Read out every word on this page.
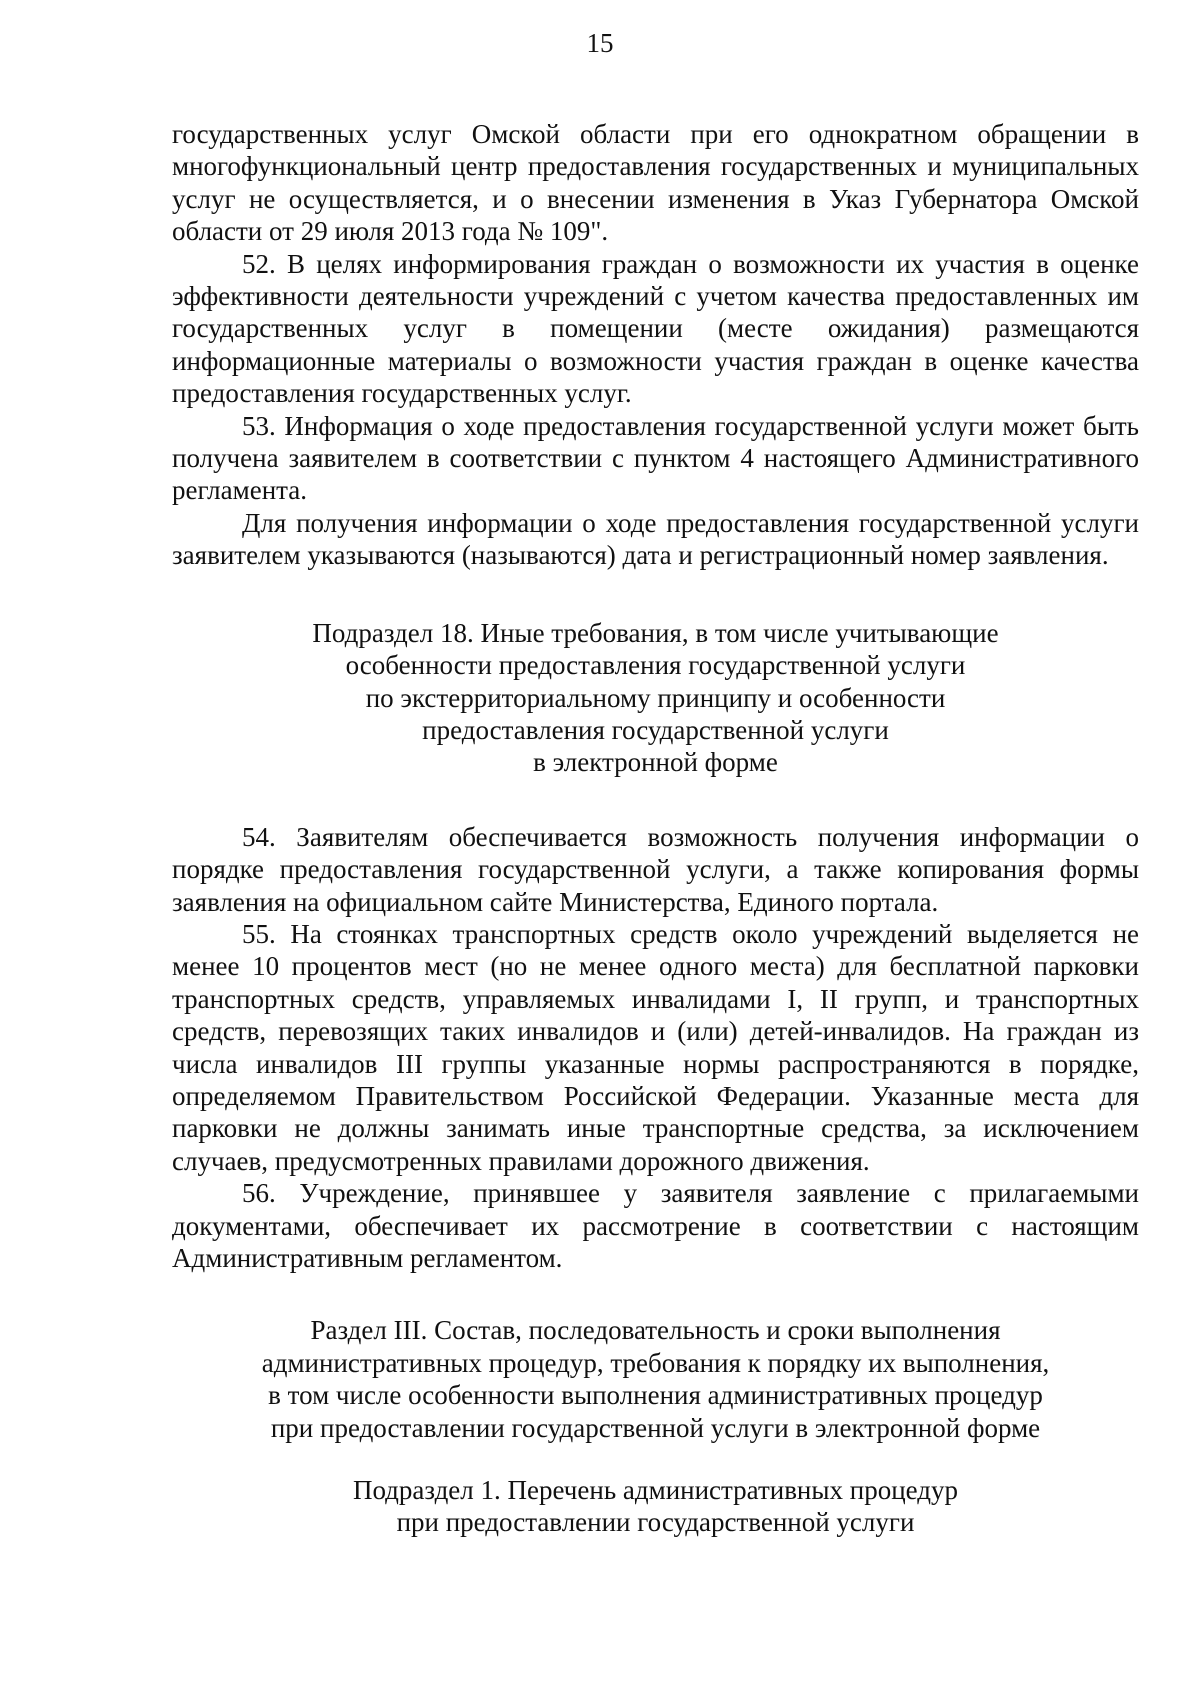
15

государственных услуг Омской области при его однократном обращении в многофункциональный центр предоставления государственных и муниципальных услуг не осуществляется, и о внесении изменения в Указ Губернатора Омской области от 29 июля 2013 года № 109".

52. В целях информирования граждан о возможности их участия в оценке эффективности деятельности учреждений с учетом качества предоставленных им государственных услуг в помещении (месте ожидания) размещаются информационные материалы о возможности участия граждан в оценке качества предоставления государственных услуг.

53. Информация о ходе предоставления государственной услуги может быть получена заявителем в соответствии с пунктом 4 настоящего Административного регламента.

Для получения информации о ходе предоставления государственной услуги заявителем указываются (называются) дата и регистрационный номер заявления.

Подраздел 18. Иные требования, в том числе учитывающие
особенности предоставления государственной услуги
по экстерриториальному принципу и особенности
предоставления государственной услуги
в электронной форме

54. Заявителям обеспечивается возможность получения информации о порядке предоставления государственной услуги, а также копирования формы заявления на официальном сайте Министерства, Единого портала.

55. На стоянках транспортных средств около учреждений выделяется не менее 10 процентов мест (но не менее одного места) для бесплатной парковки транспортных средств, управляемых инвалидами I, II групп, и транспортных средств, перевозящих таких инвалидов и (или) детей-инвалидов. На граждан из числа инвалидов III группы указанные нормы распространяются в порядке, определяемом Правительством Российской Федерации. Указанные места для парковки не должны занимать иные транспортные средства, за исключением случаев, предусмотренных правилами дорожного движения.

56. Учреждение, принявшее у заявителя заявление с прилагаемыми документами, обеспечивает их рассмотрение в соответствии с настоящим Административным регламентом.

Раздел III. Состав, последовательность и сроки выполнения
административных процедур, требования к порядку их выполнения,
в том числе особенности выполнения административных процедур
при предоставлении государственной услуги в электронной форме
Подраздел 1. Перечень административных процедур
при предоставлении государственной услуги
